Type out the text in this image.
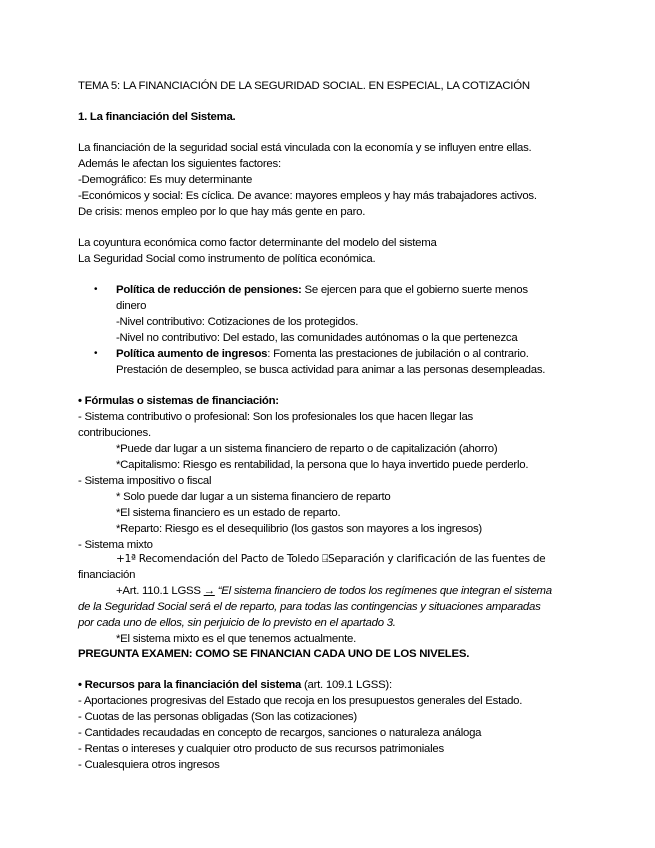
TEMA 5: LA FINANCIACIÓN DE LA SEGURIDAD SOCIAL. EN ESPECIAL, LA COTIZACIÓN
1. La financiación del Sistema.
La financiación de la seguridad social está vinculada con la economía y se influyen entre ellas.
Además le afectan los siguientes factores:
-Demográfico: Es muy determinante
-Económicos y social: Es cíclica. De avance: mayores empleos y hay más trabajadores activos.
De crisis: menos empleo por lo que hay más gente en paro.
La coyuntura económica como factor determinante del modelo del sistema
La Seguridad Social como instrumento de política económica.
• Política de reducción de pensiones: Se ejercen para que el gobierno suerte menos
dinero
-Nivel contributivo: Cotizaciones de los protegidos.
-Nivel no contributivo: Del estado, las comunidades autónomas o la que pertenezca
• Política aumento de ingresos: Fomenta las prestaciones de jubilación o al contrario.
Prestación de desempleo, se busca actividad para animar a las personas desempleadas.
• Fórmulas o sistemas de financiación:
- Sistema contributivo o profesional: Son los profesionales los que hacen llegar las
contribuciones.
*Puede dar lugar a un sistema financiero de reparto o de capitalización (ahorro)
*Capitalismo: Riesgo es rentabilidad, la persona que lo haya invertido puede perderlo.
- Sistema impositivo o fiscal
* Solo puede dar lugar a un sistema financiero de reparto
*El sistema financiero es un estado de reparto.
*Reparto: Riesgo es el desequilibrio (los gastos son mayores a los ingresos)
- Sistema mixto
+1ª Recomendación del Pacto de Toledo ⍈Separación y clarificación de las fuentes de
financiación
+Art. 110.1 LGSS → “El sistema financiero de todos los regímenes que integran el sistema
de la Seguridad Social será el de reparto, para todas las contingencias y situaciones amparadas
por cada uno de ellos, sin perjuicio de lo previsto en el apartado 3.
*El sistema mixto es el que tenemos actualmente.
PREGUNTA EXAMEN: COMO SE FINANCIAN CADA UNO DE LOS NIVELES.
• Recursos para la financiación del sistema (art. 109.1 LGSS):
- Aportaciones progresivas del Estado que recoja en los presupuestos generales del Estado.
- Cuotas de las personas obligadas (Son las cotizaciones)
- Cantidades recaudadas en concepto de recargos, sanciones o naturaleza análoga
- Rentas o intereses y cualquier otro producto de sus recursos patrimoniales
- Cualesquiera otros ingresos
